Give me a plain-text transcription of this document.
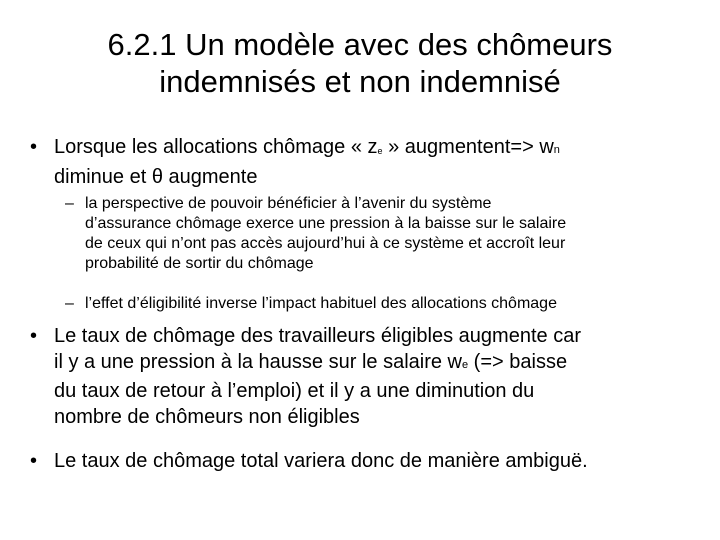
6.2.1 Un modèle avec des chômeurs
indemnisés et non indemnisé
• Lorsque les allocations chômage « $z_e$ » augmentent=> wn
diminue et θ augmente
– la perspective de pouvoir bénéficier à l’avenir du système
d’assurance chômage exerce une pression à la baisse sur le salaire
de ceux qui n’ont pas accès aujourd’hui à ce système et accroît leur
probabilité de sortir du chômage
– l’effet d’éligibilité inverse l’impact habituel des allocations chômage
• Le taux de chômage des travailleurs éligibles augmente car
il y a une pression à la hausse sur le salaire we (=> baisse
du taux de retour à l’emploi) et il y a une diminution du
nombre de chômeurs non éligibles
• Le taux de chômage total variera donc de manière ambiguë.
